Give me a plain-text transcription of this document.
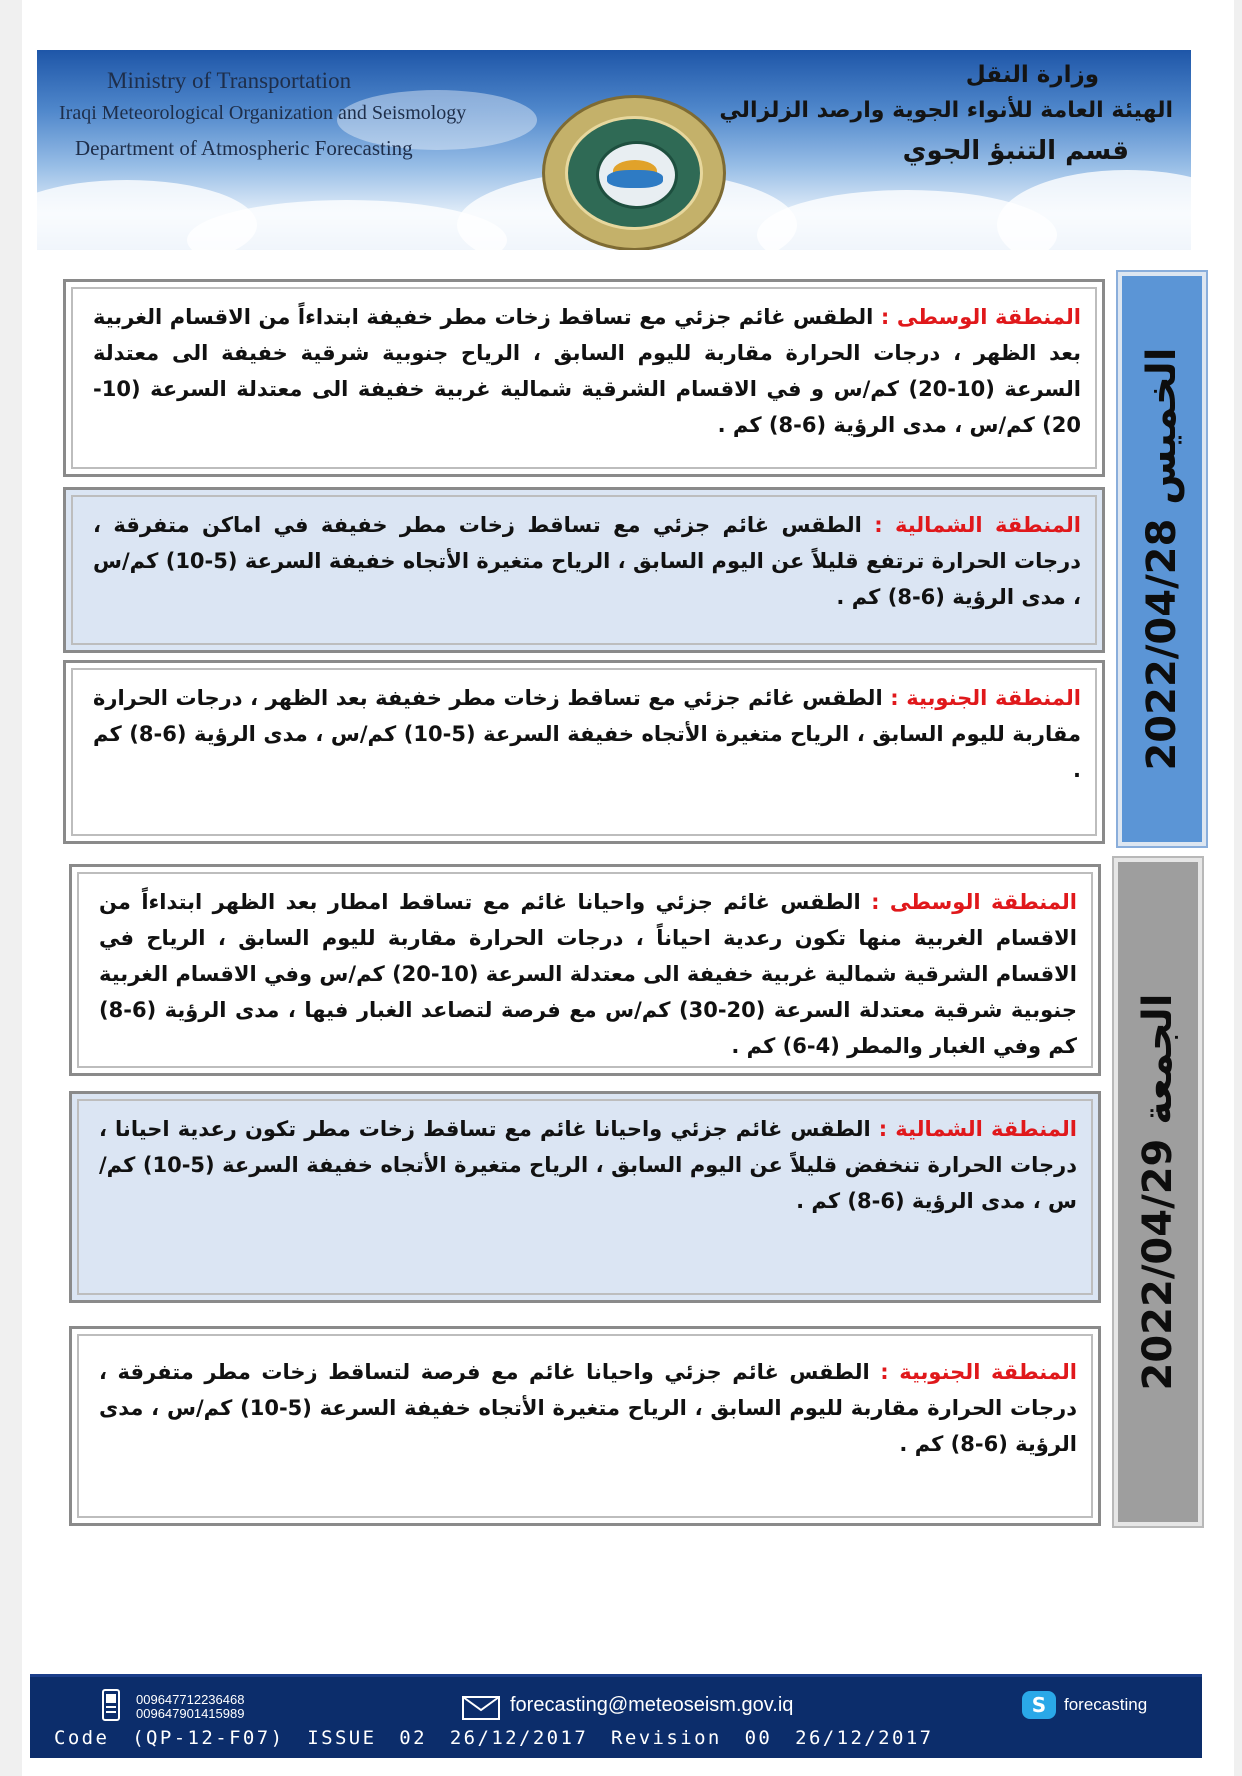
Ministry of Transportation
Iraqi Meteorological Organization and Seismology
Department of Atmospheric Forecasting
وزارة النقل
الهيئة العامة للأنواء الجوية وارصد الزلزالي
قسم التنبؤ الجوي
الخميس 2022/04/28

المنطقة الوسطى : الطقس غائم جزئي مع تساقط زخات مطر خفيفة ابتداءاً من الاقسام الغربية بعد الظهر ، درجات الحرارة مقاربة لليوم السابق ، الرياح جنوبية شرقية خفيفة الى معتدلة السرعة (10-20) كم/س و في الاقسام الشرقية شمالية غربية خفيفة الى معتدلة السرعة (10-20) كم/س ، مدى الرؤية (6-8) كم .

المنطقة الشمالية : الطقس غائم جزئي مع تساقط زخات مطر خفيفة في اماكن متفرقة ، درجات الحرارة ترتفع قليلاً عن اليوم السابق ، الرياح متغيرة الأتجاه خفيفة السرعة (5-10) كم/س ، مدى الرؤية (6-8) كم .

المنطقة الجنوبية : الطقس غائم جزئي مع تساقط زخات مطر خفيفة بعد الظهر ، درجات الحرارة مقاربة لليوم السابق ، الرياح متغيرة الأتجاه خفيفة السرعة (5-10) كم/س ، مدى الرؤية (6-8) كم .

الجمعة 2022/04/29

المنطقة الوسطى : الطقس غائم جزئي واحيانا غائم مع تساقط امطار بعد الظهر ابتداءاً من الاقسام الغربية منها تكون رعدية احياناً ، درجات الحرارة مقاربة لليوم السابق ، الرياح في الاقسام الشرقية شمالية غربية خفيفة الى معتدلة السرعة (10-20) كم/س وفي الاقسام الغربية جنوبية شرقية معتدلة السرعة (20-30) كم/س مع فرصة لتصاعد الغبار فيها ، مدى الرؤية (6-8) كم وفي الغبار والمطر (4-6) كم .

المنطقة الشمالية : الطقس غائم جزئي واحيانا غائم مع تساقط زخات مطر تكون رعدية احيانا ، درجات الحرارة تنخفض قليلاً عن اليوم السابق ، الرياح متغيرة الأتجاه خفيفة السرعة (5-10) كم/س ، مدى الرؤية (6-8) كم .

المنطقة الجنوبية : الطقس غائم جزئي واحيانا غائم مع فرصة لتساقط زخات مطر متفرقة ، درجات الحرارة مقاربة لليوم السابق ، الرياح متغيرة الأتجاه خفيفة السرعة (5-10) كم/س ، مدى الرؤية (6-8) كم .

009647712236468
009647901415989	forecasting@meteoseism.gov.iq	S	forecasting
Code (QP-12-F07) ISSUE 02 26/12/2017 Revision 00 26/12/2017
